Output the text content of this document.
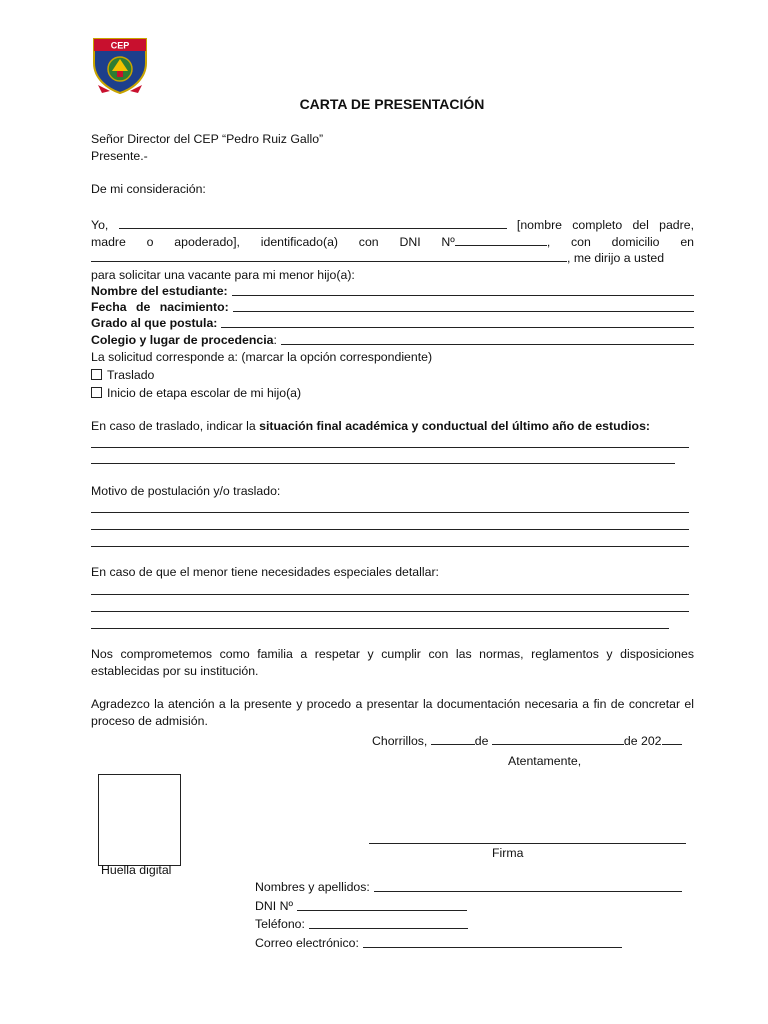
CEP
CARTA DE PRESENTACIÓN
Señor Director del CEP “Pedro Ruiz Gallo”
Presente.-
De mi consideración:
Yo,	[nombre completo del padre, madre o apoderado], identificado(a) con DNI Nº	, con domicilio en , me dirijo a usted
para solicitar una vacante para mi menor hijo(a):
Nombre del estudiante:
Fecha de nacimiento:
Grado al que postula:
Colegio y lugar de procedencia:
La solicitud corresponde a: (marcar la opción correspondiente)
Traslado
Inicio de etapa escolar de mi hijo(a)
En caso de traslado, indicar la situación final académica y conductual del último año de estudios:
Motivo de postulación y/o traslado:
En caso de que el menor tiene necesidades especiales detallar:
Nos comprometemos como familia a respetar y cumplir con las normas, reglamentos y disposiciones establecidas por su institución.
Agradezco la atención a la presente y procedo a presentar la documentación necesaria a fin de concretar el proceso de admisión.
Chorrillos,	de	de 202
Atentamente,
Huella digital
Firma
Nombres y apellidos:
DNI Nº
Teléfono:
Correo electrónico:
